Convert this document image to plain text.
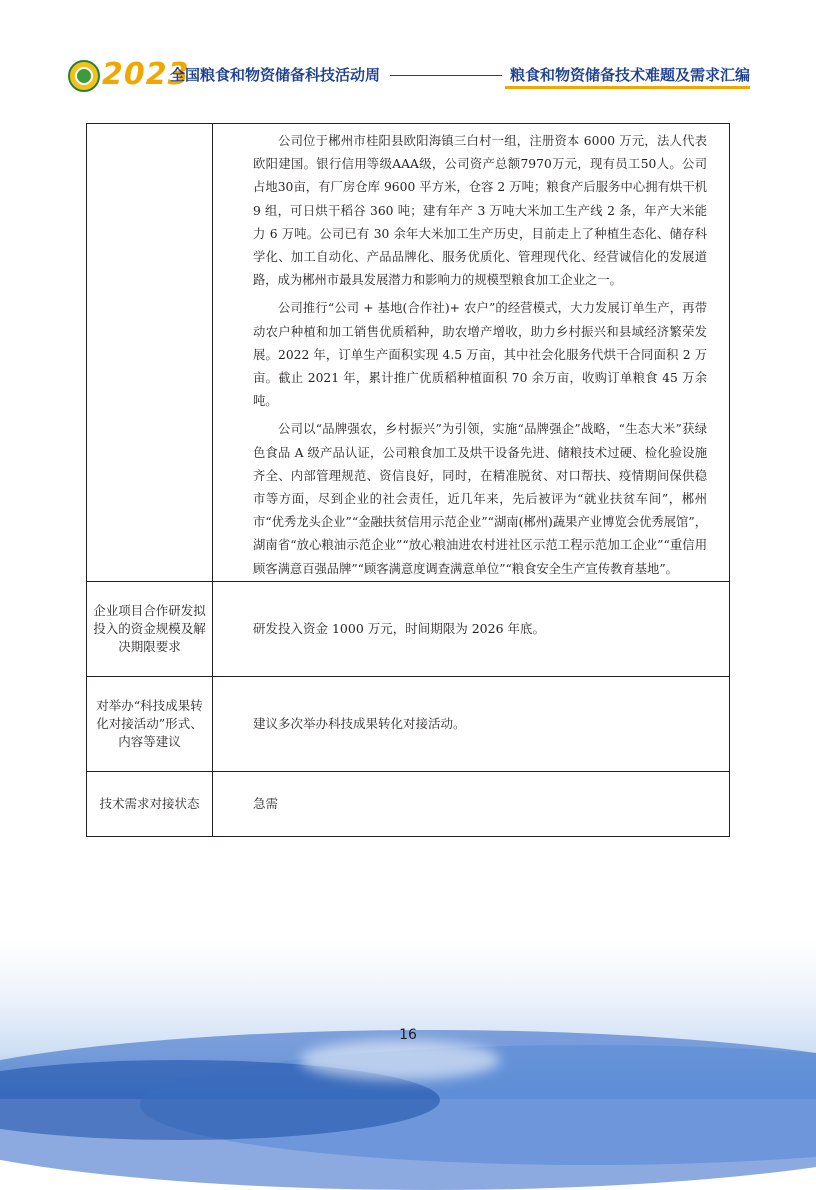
2023
全国粮食和物资储备科技活动周	粮食和物资储备技术难题及需求汇编

	公司位于郴州市桂阳县欧阳海镇三白村一组，注册资本 6000 万元，法人代表欧阳建国。银行信用等级AAA级，公司资产总额7970万元，现有员工50人。公司占地30亩，有厂房仓库 9600 平方米，仓容 2 万吨；粮食产后服务中心拥有烘干机 9 组，可日烘干稻谷 360 吨；建有年产 3 万吨大米加工生产线 2 条，年产大米能力 6 万吨。公司已有 30 余年大米加工生产历史，目前走上了种植生态化、储存科学化、加工自动化、产品品牌化、服务优质化、管理现代化、经营诚信化的发展道路，成为郴州市最具发展潜力和影响力的规模型粮食加工企业之一。

公司推行“公司 + 基地(合作社)+ 农户”的经营模式，大力发展订单生产，再带动农户种植和加工销售优质稻种，助农增产增收，助力乡村振兴和县域经济繁荣发展。2022 年，订单生产面积实现 4.5 万亩，其中社会化服务代烘干合同面积 2 万亩。截止 2021 年，累计推广优质稻种植面积 70 余万亩，收购订单粮食 45 万余吨。

公司以“品牌强农，乡村振兴”为引领，实施“品牌强企”战略，“生态大米”获绿色食品 A 级产品认证，公司粮食加工及烘干设备先进、储粮技术过硬、检化验设施齐全、内部管理规范、资信良好，同时，在精准脱贫、对口帮扶、疫情期间保供稳市等方面，尽到企业的社会责任，近几年来，先后被评为“就业扶贫车间”，郴州市“优秀龙头企业”“金融扶贫信用示范企业”“湖南(郴州)蔬果产业博览会优秀展馆”，湖南省“放心粮油示范企业”“放心粮油进农村进社区示范工程示范加工企业”“重信用顾客满意百强品牌”“顾客满意度调查满意单位”“粮食安全生产宣传教育基地”。

企业项目合作研发拟投入的资金规模及解决期限要求	研发投入资金 1000 万元，时间期限为 2026 年底。
对举办“科技成果转化对接活动”形式、内容等建议	建议多次举办科技成果转化对接活动。
技术需求对接状态	急需
16
